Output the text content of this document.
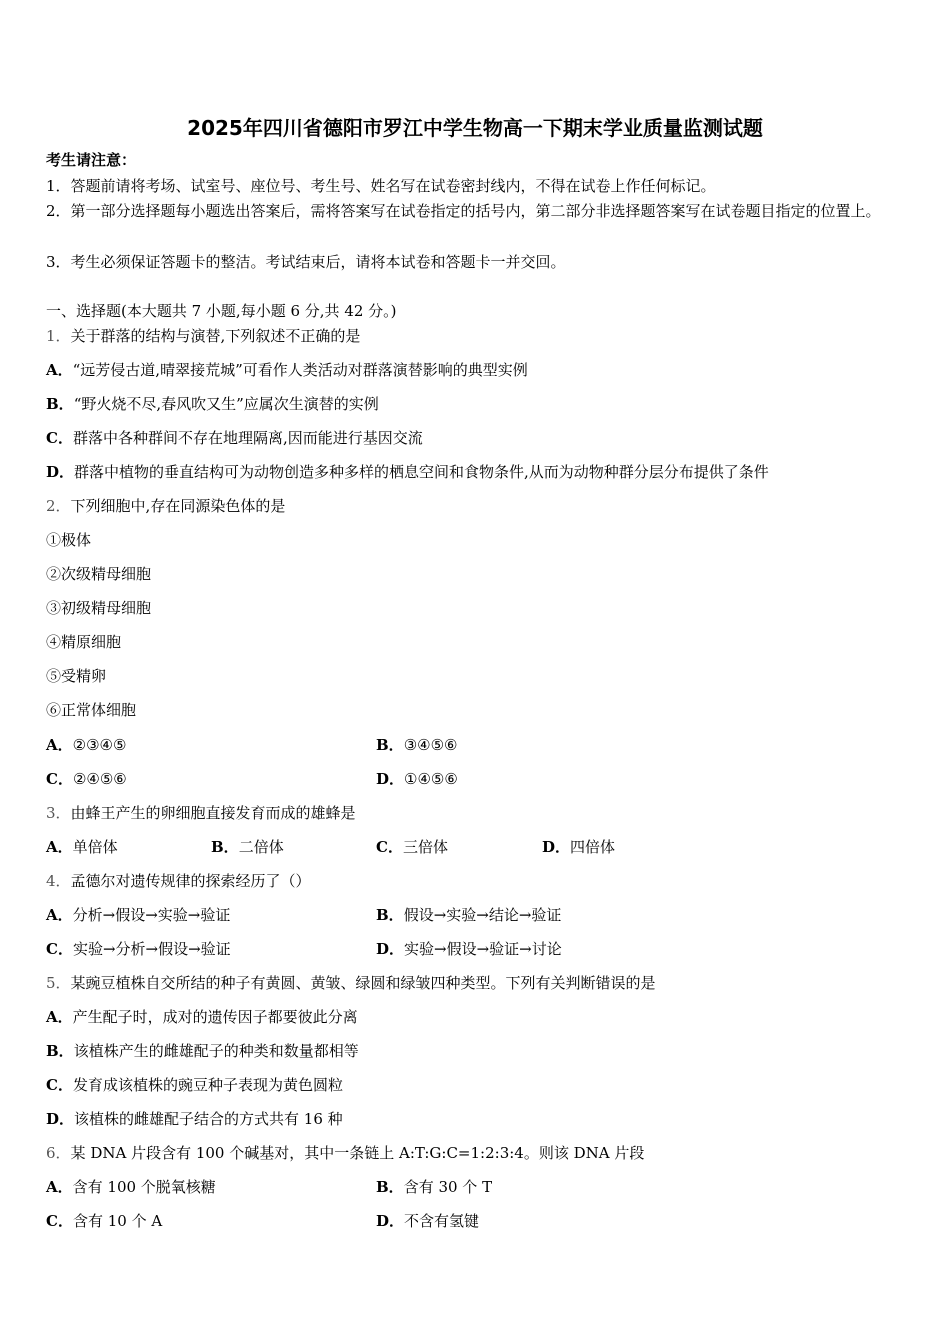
2025年四川省德阳市罗江中学生物高一下期末学业质量监测试题
考生请注意：
1．答题前请将考场、试室号、座位号、考生号、姓名写在试卷密封线内，不得在试卷上作任何标记。
2．第一部分选择题每小题选出答案后，需将答案写在试卷指定的括号内，第二部分非选择题答案写在试卷题目指定的位置上。
3．考生必须保证答题卡的整洁。考试结束后，请将本试卷和答题卡一并交回。
一、选择题(本大题共 7 小题,每小题 6 分,共 42 分。)
1．关于群落的结构与演替,下列叙述不正确的是
A．“远芳侵古道,晴翠接荒城”可看作人类活动对群落演替影响的典型实例
B．“野火烧不尽,春风吹又生”应属次生演替的实例
C．群落中各种群间不存在地理隔离,因而能进行基因交流
D．群落中植物的垂直结构可为动物创造多种多样的栖息空间和食物条件,从而为动物种群分层分布提供了条件
2．下列细胞中,存在同源染色体的是
①极体
②次级精母细胞
③初级精母细胞
④精原细胞
⑤受精卵
⑥正常体细胞
A．②③④⑤	B．③④⑤⑥
C．②④⑤⑥	D．①④⑤⑥
3．由蜂王产生的卵细胞直接发育而成的雄蜂是
A．单倍体	B．二倍体	C．三倍体	D．四倍体
4．孟德尔对遗传规律的探索经历了（）
A．分析→假设→实验→验证	B．假设→实验→结论→验证
C．实验→分析→假设→验证	D．实验→假设→验证→讨论
5．某豌豆植株自交所结的种子有黄圆、黄皱、绿圆和绿皱四种类型。下列有关判断错误的是
A．产生配子时，成对的遗传因子都要彼此分离
B．该植株产生的雌雄配子的种类和数量都相等
C．发育成该植株的豌豆种子表现为黄色圆粒
D．该植株的雌雄配子结合的方式共有 16 种
6．某 DNA 片段含有 100 个碱基对，其中一条链上 A:T:G:C=1:2:3:4。则该 DNA 片段
A．含有 100 个脱氧核糖	B．含有 30 个 T
C．含有 10 个 A	D．不含有氢键
